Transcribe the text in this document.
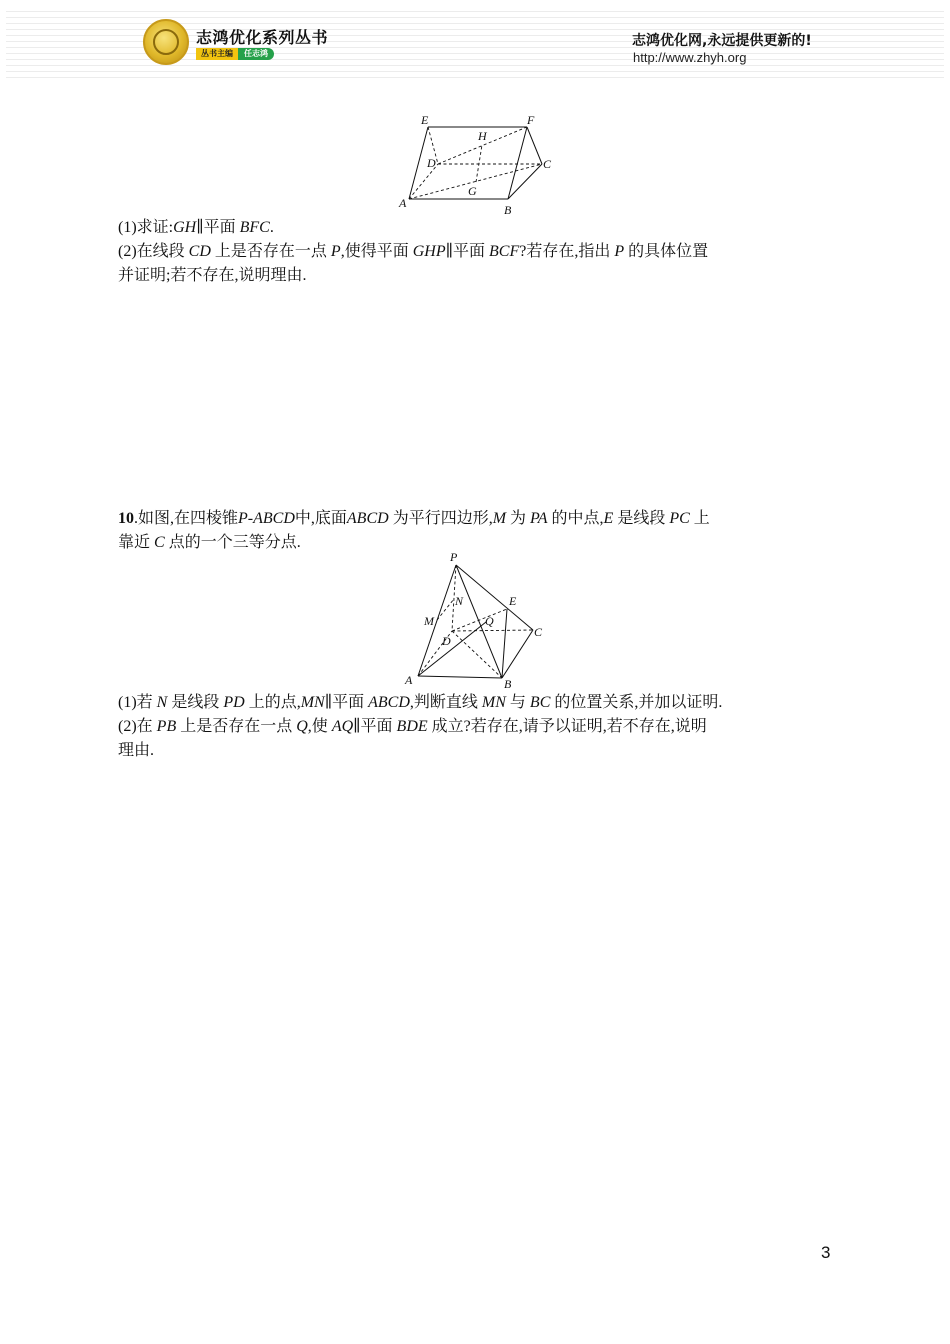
志鸿优化系列丛书
丛书主编	任志鸿
志鸿优化网,永远提供更新的!
http://www.zhyh.org
E	F
H
D	C
G
A	B
(1)求证:GH∥平面 BFC.
(2)在线段 CD 上是否存在一点 P,使得平面 GHP∥平面 BCF?若存在,指出 P 的具体位置
并证明;若不存在,说明理由.
10.如图,在四棱锥P-ABCD中,底面ABCD 为平行四边形,M 为 PA 的中点,E 是线段 PC 上
靠近 C 点的一个三等分点.
P
N	E
M	Q
C
D
A	B
(1)若 N 是线段 PD 上的点,MN∥平面 ABCD,判断直线 MN 与 BC 的位置关系,并加以证明.
(2)在 PB 上是否存在一点 Q,使 AQ∥平面 BDE 成立?若存在,请予以证明,若不存在,说明
理由.
3
